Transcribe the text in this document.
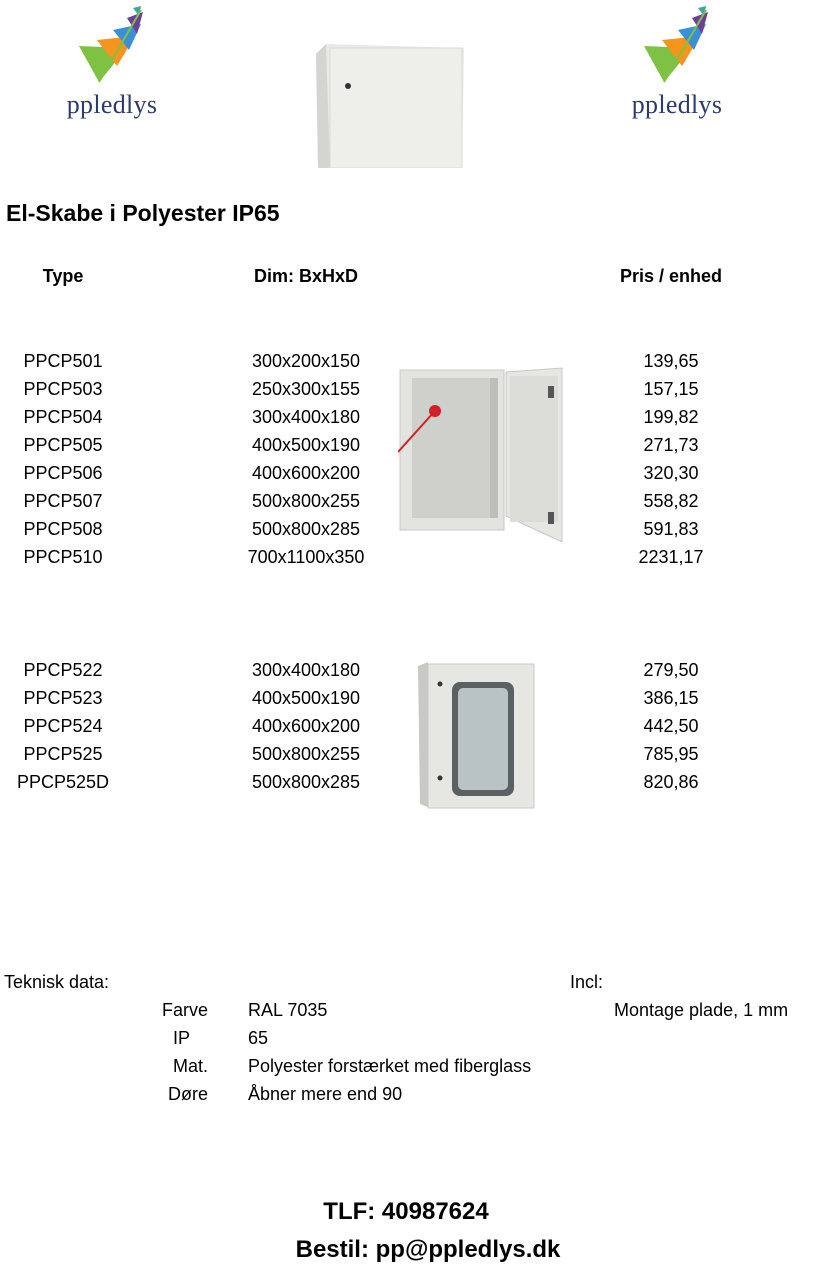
ppledlys	ppledlys
El-Skabe i Polyester IP65
Type	Dim: BxHxD	Pris / enhed
PPCP501	300x200x150	139,65
PPCP503	250x300x155	157,15
PPCP504	300x400x180	199,82
PPCP505	400x500x190	271,73
PPCP506	400x600x200	320,30
PPCP507	500x800x255	558,82
PPCP508	500x800x285	591,83
PPCP510	700x1100x350	2231,17
PPCP522	300x400x180	279,50
PPCP523	400x500x190	386,15
PPCP524	400x600x200	442,50
PPCP525	500x800x255	785,95
PPCP525D	500x800x285	820,86
Teknisk data:	Incl:
Montage plade, 1 mm
Farve RAL 7035
IP	65
Mat. Polyester forstærket med fiberglass
Døre Åbner mere end 90
TLF: 40987624
Bestil: pp@ppledlys.dk
